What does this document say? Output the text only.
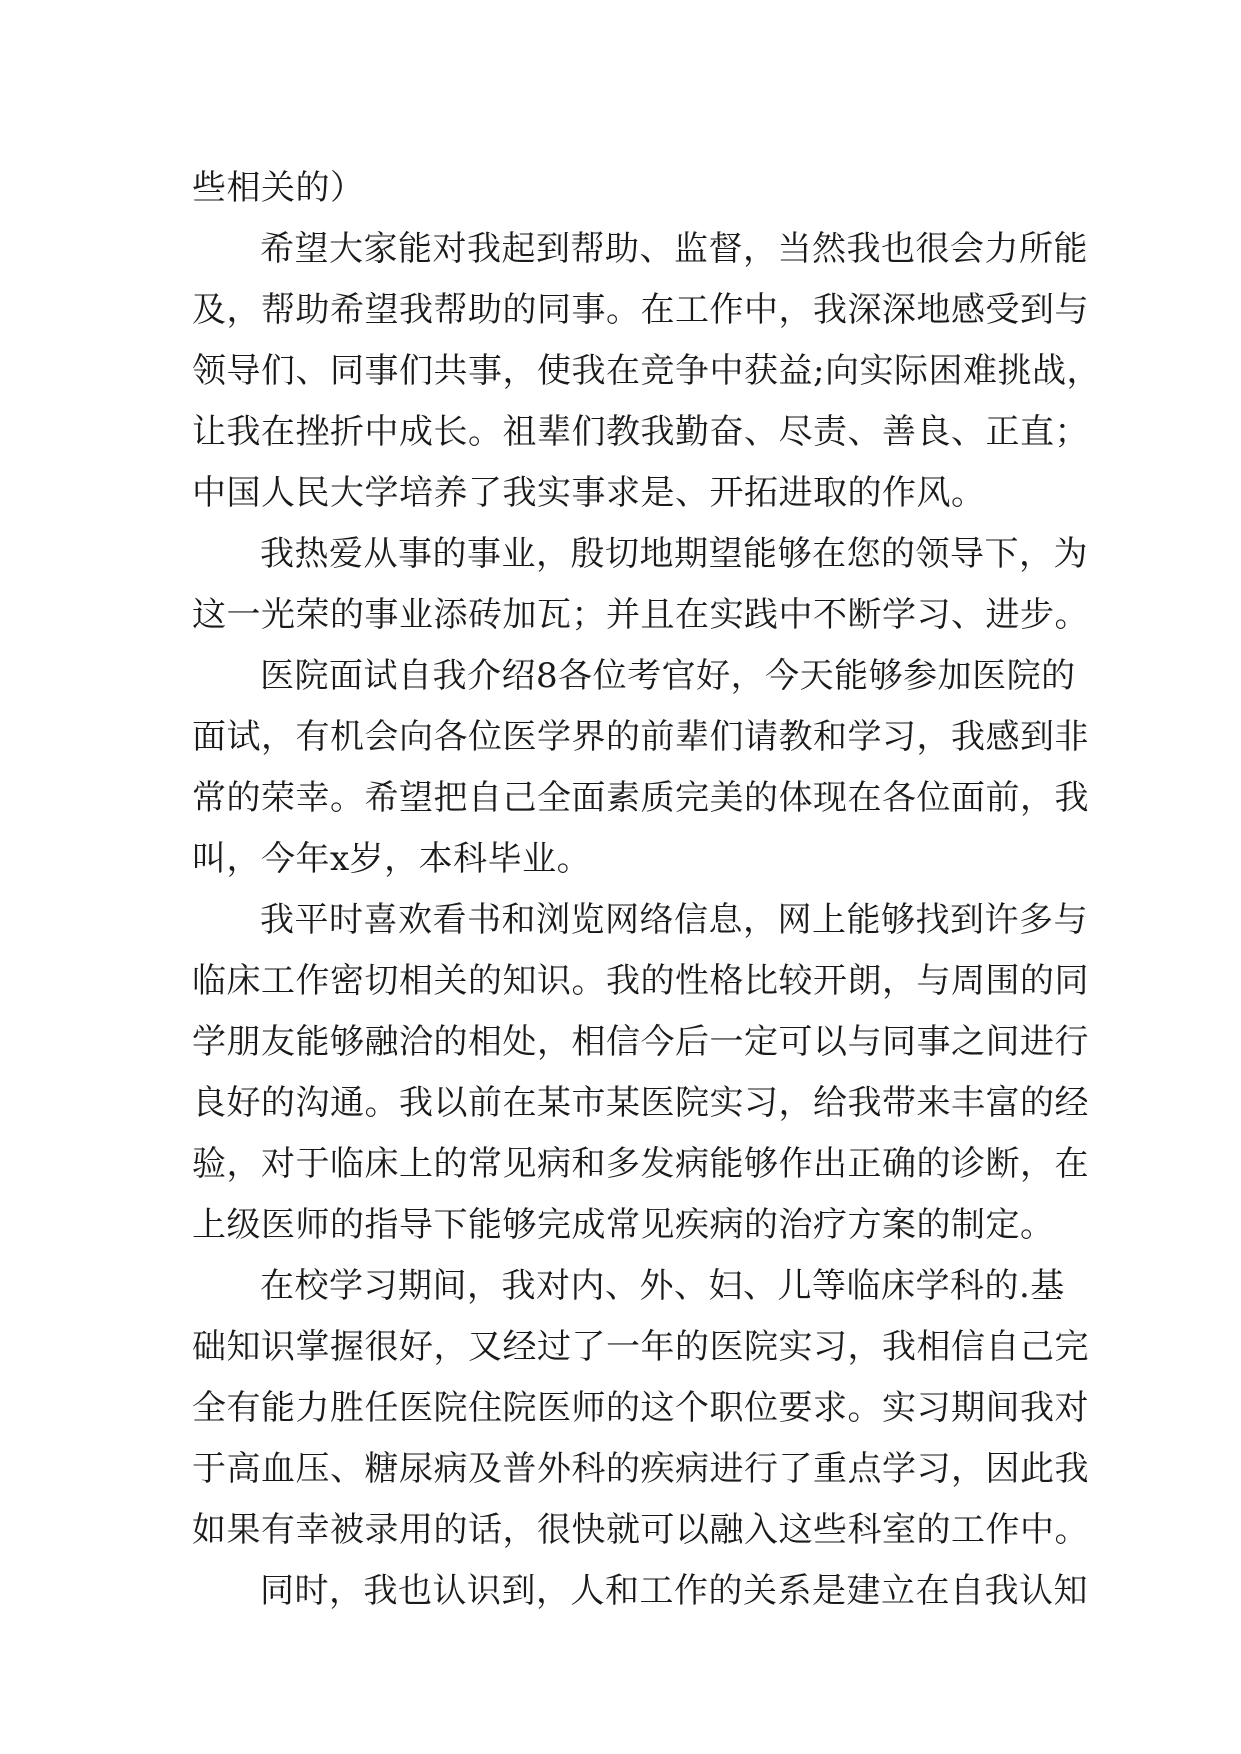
些相关的）
希望大家能对我起到帮助、监督，当然我也很会力所能
及，帮助希望我帮助的同事。在工作中，我深深地感受到与
领导们、同事们共事，使我在竞争中获益;向实际困难挑战，
让我在挫折中成长。祖辈们教我勤奋、尽责、善良、正直；
中国人民大学培养了我实事求是、开拓进取的作风。
我热爱从事的事业，殷切地期望能够在您的领导下，为
这一光荣的事业添砖加瓦；并且在实践中不断学习、进步。
医院面试自我介绍8各位考官好，今天能够参加医院的
面试，有机会向各位医学界的前辈们请教和学习，我感到非
常的荣幸。希望把自己全面素质完美的体现在各位面前，我
叫，今年x岁，本科毕业。
我平时喜欢看书和浏览网络信息，网上能够找到许多与
临床工作密切相关的知识。我的性格比较开朗，与周围的同
学朋友能够融洽的相处，相信今后一定可以与同事之间进行
良好的沟通。我以前在某市某医院实习，给我带来丰富的经
验，对于临床上的常见病和多发病能够作出正确的诊断，在
上级医师的指导下能够完成常见疾病的治疗方案的制定。
在校学习期间，我对内、外、妇、儿等临床学科的.基
础知识掌握很好，又经过了一年的医院实习，我相信自己完
全有能力胜任医院住院医师的这个职位要求。实习期间我对
于高血压、糖尿病及普外科的疾病进行了重点学习，因此我
如果有幸被录用的话，很快就可以融入这些科室的工作中。
同时，我也认识到，人和工作的关系是建立在自我认知
